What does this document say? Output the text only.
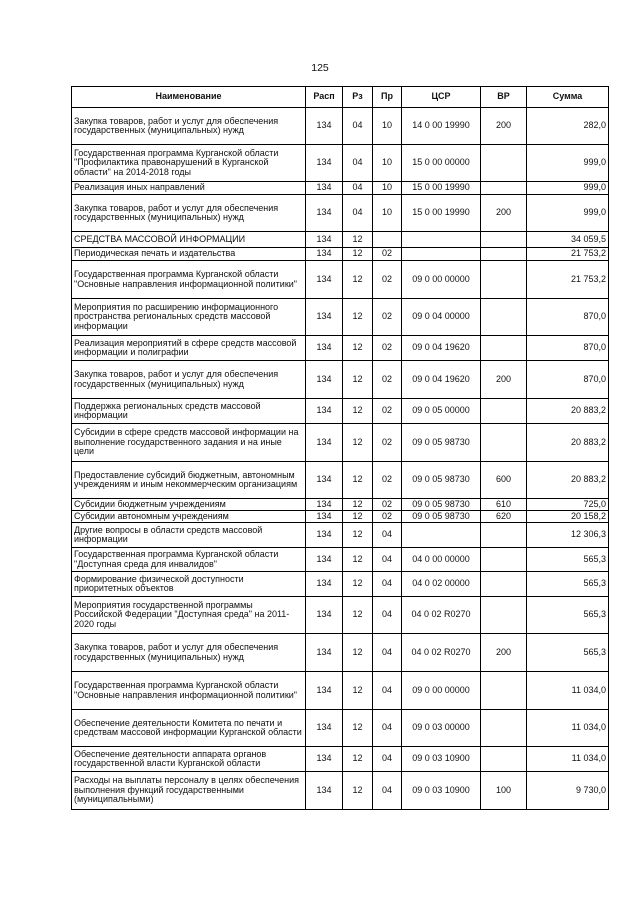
125
Наименование	Расп	Рз	Пр	ЦСР	ВР	Сумма
Закупка товаров, работ и услуг для обеспечения государственных (муниципальных) нужд	134	04	10	14 0 00 19990	200	282,0
Государственная программа Курганской области "Профилактика правонарушений в Курганской области" на 2014-2018 годы	134	04	10	15 0 00 00000		999,0
Реализация иных направлений	134	04	10	15 0 00 19990		999,0
Закупка товаров, работ и услуг для обеспечения государственных (муниципальных) нужд	134	04	10	15 0 00 19990	200	999,0
СРЕДСТВА МАССОВОЙ ИНФОРМАЦИИ	134	12				34 059,5
Периодическая печать и издательства	134	12	02			21 753,2
Государственная программа Курганской области "Основные направления информационной политики"	134	12	02	09 0 00 00000		21 753,2
Мероприятия по расширению информационного пространства региональных средств массовой информации	134	12	02	09 0 04 00000		870,0
Реализация мероприятий в сфере средств массовой информации и полиграфии	134	12	02	09 0 04 19620		870,0
Закупка товаров, работ и услуг для обеспечения государственных (муниципальных) нужд	134	12	02	09 0 04 19620	200	870,0
Поддержка региональных средств массовой информации	134	12	02	09 0 05 00000		20 883,2
Субсидии в сфере средств массовой информации на выполнение государственного задания и на иные цели	134	12	02	09 0 05 98730		20 883,2
Предоставление субсидий бюджетным, автономным учреждениям и иным некоммерческим организациям	134	12	02	09 0 05 98730	600	20 883,2
Субсидии бюджетным учреждениям	134	12	02	09 0 05 98730	610	725,0
Субсидии автономным учреждениям	134	12	02	09 0 05 98730	620	20 158,2
Другие вопросы в области средств массовой информации	134	12	04			12 306,3
Государственная программа Курганской области "Доступная среда для инвалидов"	134	12	04	04 0 00 00000		565,3
Формирование физической доступности приоритетных объектов	134	12	04	04 0 02 00000		565,3
Мероприятия государственной программы Российской Федерации "Доступная среда" на 2011-2020 годы	134	12	04	04 0 02 R0270		565,3
Закупка товаров, работ и услуг для обеспечения государственных (муниципальных) нужд	134	12	04	04 0 02 R0270	200	565,3
Государственная программа Курганской области "Основные направления информационной политики"	134	12	04	09 0 00 00000		11 034,0
Обеспечение деятельности Комитета по печати и средствам массовой информации Курганской области	134	12	04	09 0 03 00000		11 034,0
Обеспечение деятельности аппарата органов государственной власти Курганской области	134	12	04	09 0 03 10900		11 034,0
Расходы на выплаты персоналу в целях обеспечения выполнения функций государственными (муниципальными)	134	12	04	09 0 03 10900	100	9 730,0
